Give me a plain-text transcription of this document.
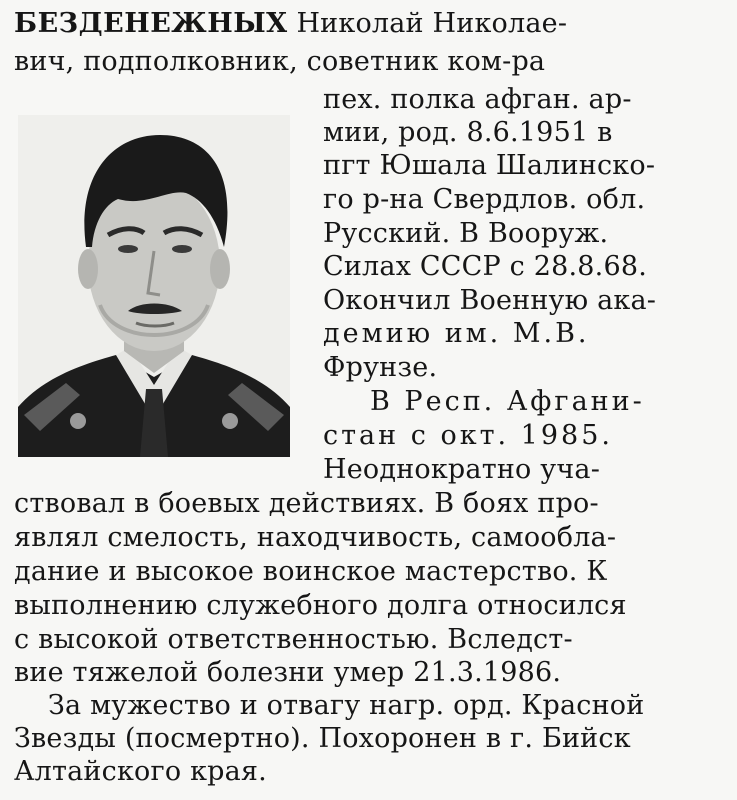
БЕЗДЕНЕЖНЫХ Николай Николае-
вич, подполковник, советник ком-ра
пех. полка афган. ар-
мии, род. 8.6.1951 в
пгт Юшала Шалинско-
го р-на Свердлов. обл.
Русский. В Вооруж.
Силах СССР с 28.8.68.
Окончил Военную ака-
демию им. М.В.
Фрунзе.
В Респ. Афгани-
стан с окт. 1985.
Неоднократно уча-
ствовал в боевых действиях. В боях про-
являл смелость, находчивость, самообла-
дание и высокое воинское мастерство. К
выполнению служебного долга относился
с высокой ответственностью. Вследст-
вие тяжелой болезни умер 21.3.1986.
За мужество и отвагу нагр. орд. Красной
Звезды (посмертно). Похоронен в г. Бийск
Алтайского края.
